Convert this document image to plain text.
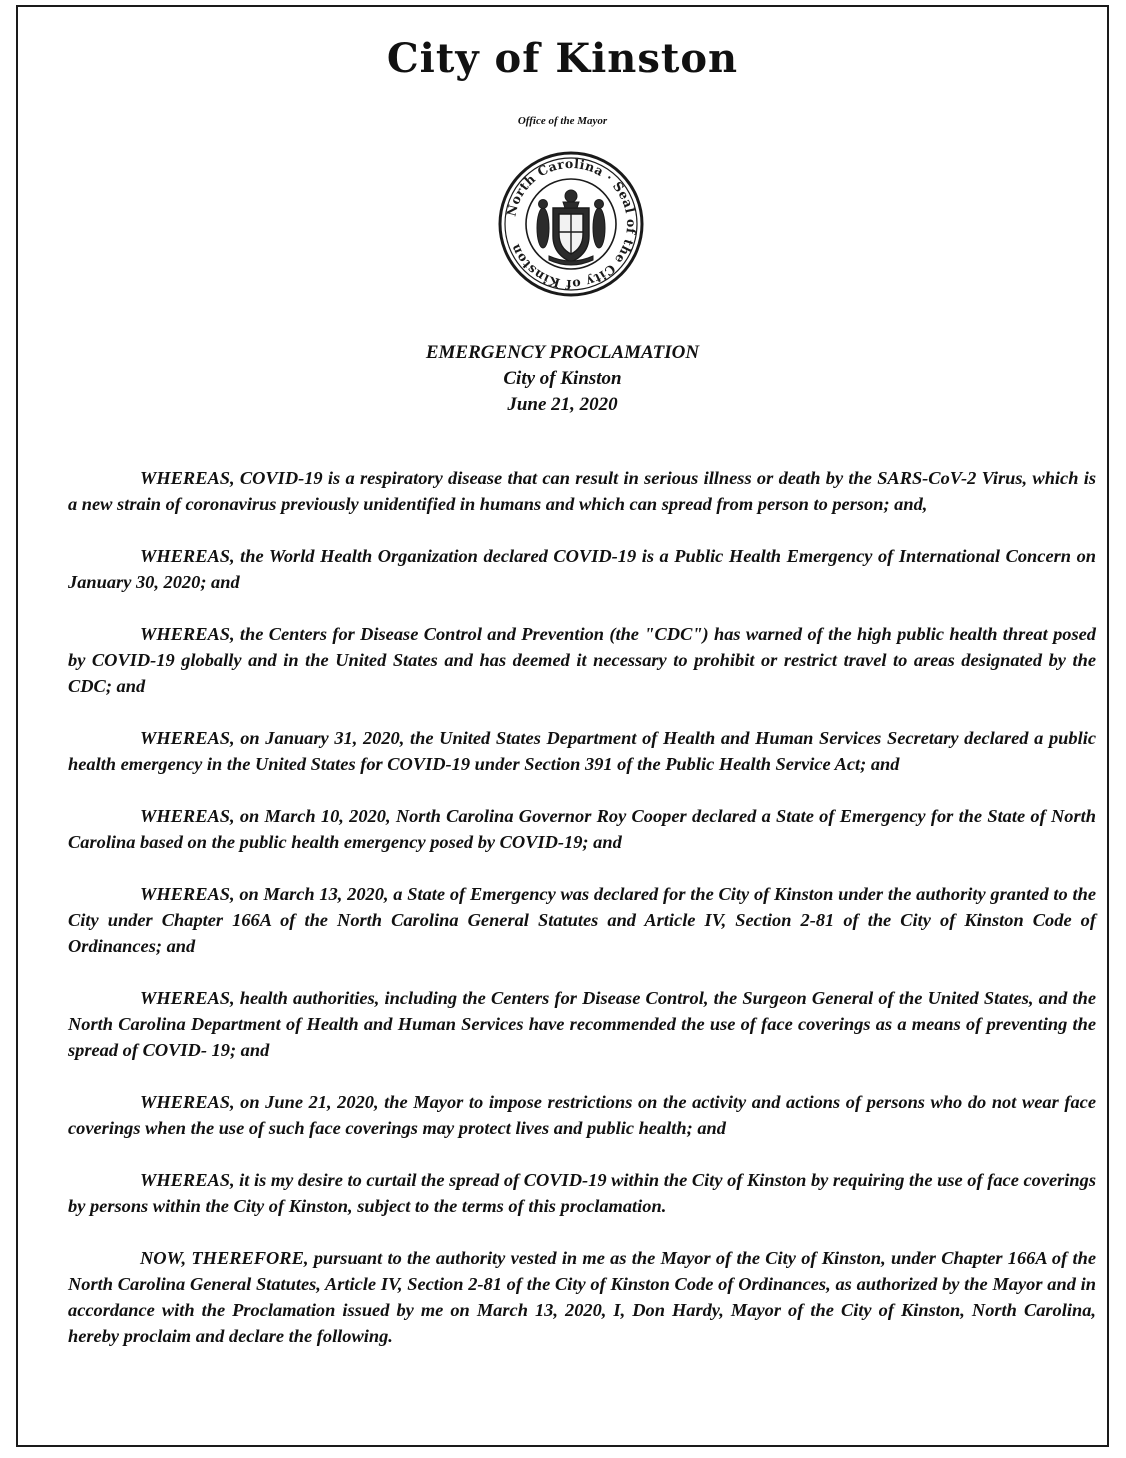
City of Kinston
Office of the Mayor
North Carolina · Seal of the City of Kinston
EMERGENCY PROCLAMATION
City of Kinston
June 21, 2020

WHEREAS, COVID-19 is a respiratory disease that can result in serious illness or death by the SARS-CoV-2 Virus, which is a new strain of coronavirus previously unidentified in humans and which can spread from person to person; and,

WHEREAS, the World Health Organization declared COVID-19 is a Public Health Emergency of International Concern on January 30, 2020; and

WHEREAS, the Centers for Disease Control and Prevention (the "CDC") has warned of the high public health threat posed by COVID-19 globally and in the United States and has deemed it necessary to prohibit or restrict travel to areas designated by the CDC; and

WHEREAS, on January 31, 2020, the United States Department of Health and Human Services Secretary declared a public health emergency in the United States for COVID-19 under Section 391 of the Public Health Service Act; and

WHEREAS, on March 10, 2020, North Carolina Governor Roy Cooper declared a State of Emergency for the State of North Carolina based on the public health emergency posed by COVID-19; and

WHEREAS, on March 13, 2020, a State of Emergency was declared for the City of Kinston under the authority granted to the City under Chapter 166A of the North Carolina General Statutes and Article IV, Section 2-81 of the City of Kinston Code of Ordinances; and

WHEREAS, health authorities, including the Centers for Disease Control, the Surgeon General of the United States, and the North Carolina Department of Health and Human Services have recommended the use of face coverings as a means of preventing the spread of COVID- 19; and

WHEREAS, on June 21, 2020, the Mayor to impose restrictions on the activity and actions of persons who do not wear face coverings when the use of such face coverings may protect lives and public health; and

WHEREAS, it is my desire to curtail the spread of COVID-19 within the City of Kinston by requiring the use of face coverings by persons within the City of Kinston, subject to the terms of this proclamation.

NOW, THEREFORE, pursuant to the authority vested in me as the Mayor of the City of Kinston, under Chapter 166A of the North Carolina General Statutes, Article IV, Section 2-81 of the City of Kinston Code of Ordinances, as authorized by the Mayor and in accordance with the Proclamation issued by me on March 13, 2020, I, Don Hardy, Mayor of the City of Kinston, North Carolina, hereby proclaim and declare the following.
